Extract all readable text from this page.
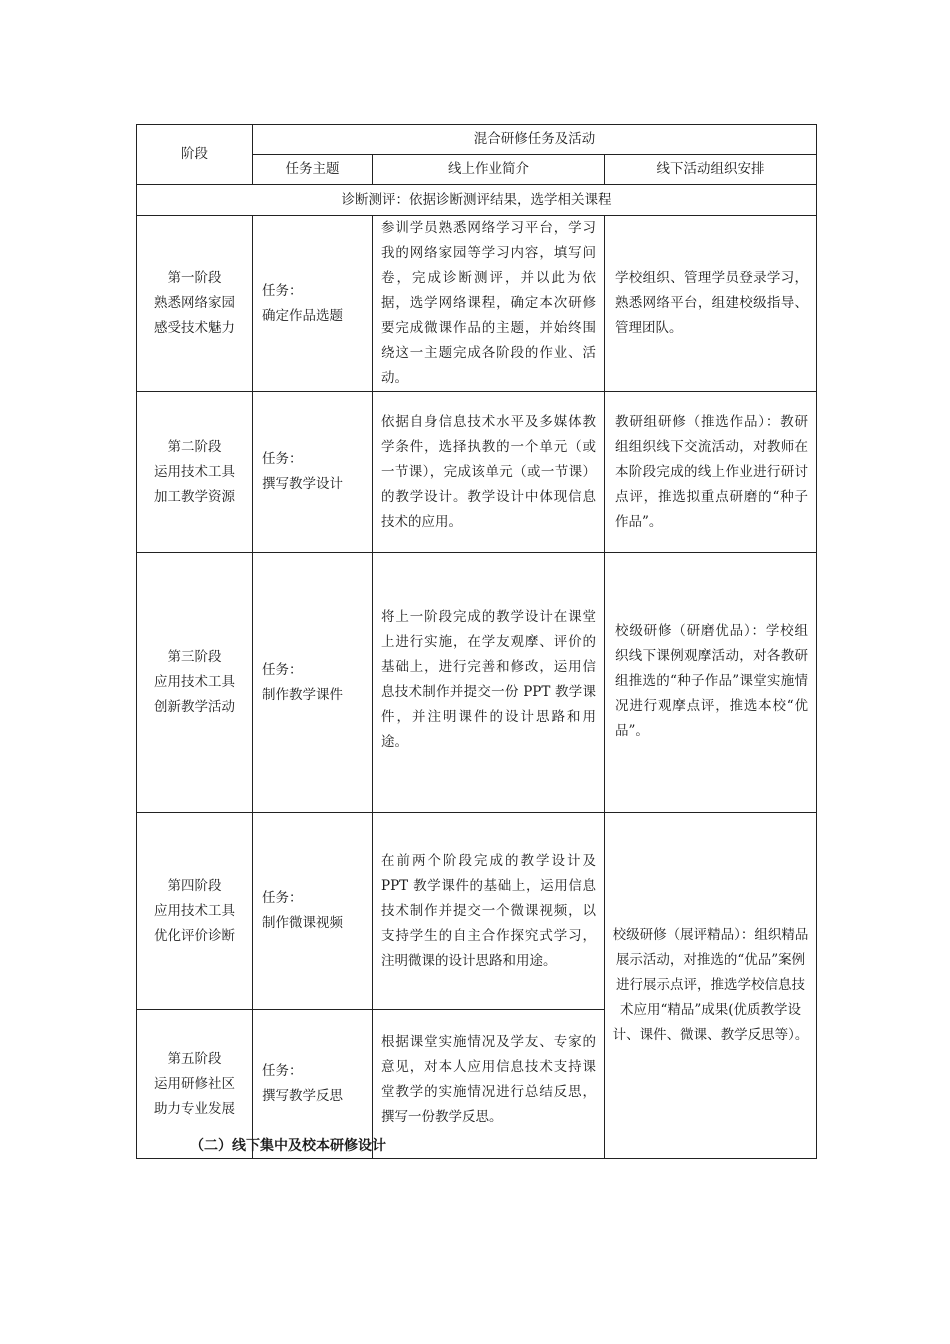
阶段	混合研修任务及活动		
	任务主题	线上作业简介	线下活动组织安排
诊断测评：依据诊断测评结果，选学相关课程			

第一阶段
熟悉网络家园
感受技术魅力	任务：
确定作品选题	参训学员熟悉网络学习平台，学习我的网络家园等学习内容，填写问卷，完成诊断测评，并以此为依据，选学网络课程，确定本次研修要完成微课作品的主题，并始终围绕这一主题完成各阶段的作业、活动。	学校组织、管理学员登录学习，熟悉网络平台，组建校级指导、管理团队。

第二阶段
运用技术工具
加工教学资源	任务：
撰写教学设计	依据自身信息技术水平及多媒体教学条件，选择执教的一个单元（或一节课），完成该单元（或一节课）的教学设计。教学设计中体现信息技术的应用。	教研组研修（推选作品）：教研组组织线下交流活动，对教师在本阶段完成的线上作业进行研讨点评，推选拟重点研磨的“种子作品”。

第三阶段
应用技术工具
创新教学活动	任务：
制作教学课件	将上一阶段完成的教学设计在课堂上进行实施，在学友观摩、评价的基础上，进行完善和修改，运用信息技术制作并提交一份 PPT 教学课件，并注明课件的设计思路和用途。	校级研修（研磨优品）：学校组织线下课例观摩活动，对各教研组推选的“种子作品”课堂实施情况进行观摩点评，推选本校“优品”。

第四阶段
应用技术工具
优化评价诊断	任务：
制作微课视频	在前两个阶段完成的教学设计及 PPT 教学课件的基础上，运用信息技术制作并提交一个微课视频，以支持学生的自主合作探究式学习，注明微课的设计思路和用途。	校级研修（展评精品）：组织精品展示活动，对推选的“优品”案例进行展示点评，推选学校信息技术应用“精品”成果(优质教学设计、课件、微课、教学反思等）。

第五阶段
运用研修社区
助力专业发展	任务：
撰写教学反思	根据课堂实施情况及学友、专家的意见，对本人应用信息技术支持课堂教学的实施情况进行总结反思，撰写一份教学反思。	
（二）线下集中及校本研修设计
